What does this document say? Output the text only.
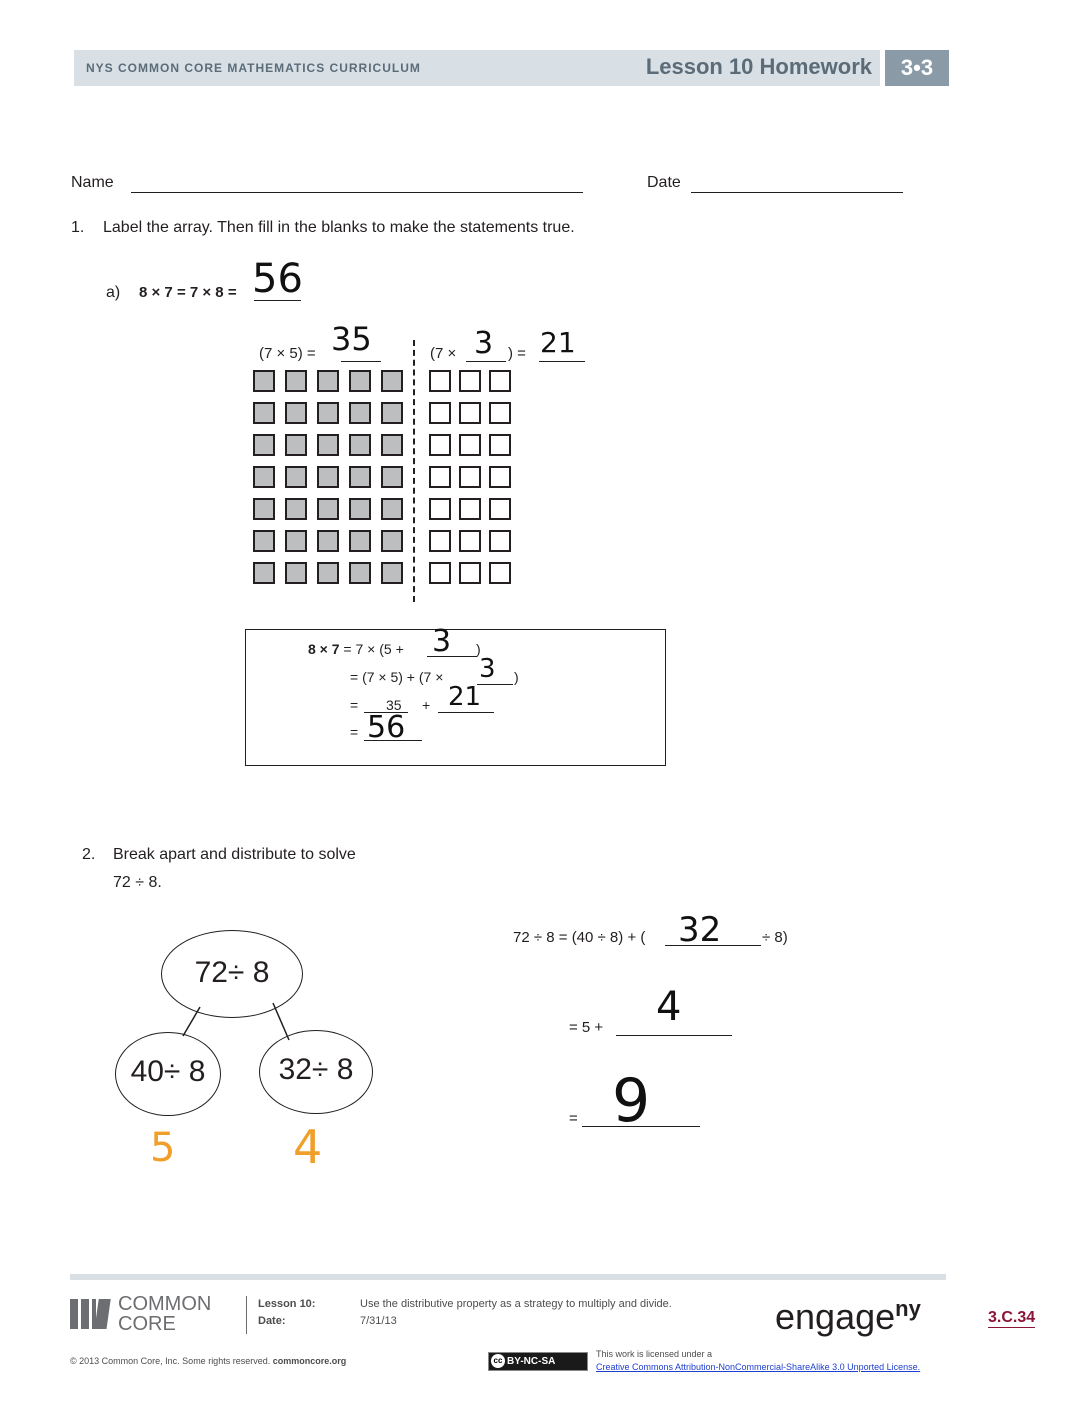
NYS COMMON CORE MATHEMATICS CURRICULUM	Lesson 10 Homework	3•3
Name	Date
1. Label the array. Then fill in the blanks to make the statements true.
a) 8 × 7 = 7 × 8 = 56
(7 × 5) = 35	(7 × 3 ) = 21
8 × 7 = 7 × (5 + 3 )
= (7 × 5) + (7 × 3 )
= 35 + 21
= 56
2. Break apart and distribute to solve
72 ÷ 8.
72÷ 8
40÷ 8	32÷ 8
5	4
72 ÷ 8 = (40 ÷ 8) + ( 32	÷ 8)
= 5 + 4
= 9
COMMON
CORE
Lesson 10:
Date:
Use the distributive property as a strategy to multiply and divide.
7/31/13	engage$^{ny}$	3.C.34
© 2013 Common Core, Inc. Some rights reserved. commoncore.org	cc BY-NC-SA
This work is licensed under a
Creative Commons Attribution-NonCommercial-ShareAlike 3.0 Unported License.
